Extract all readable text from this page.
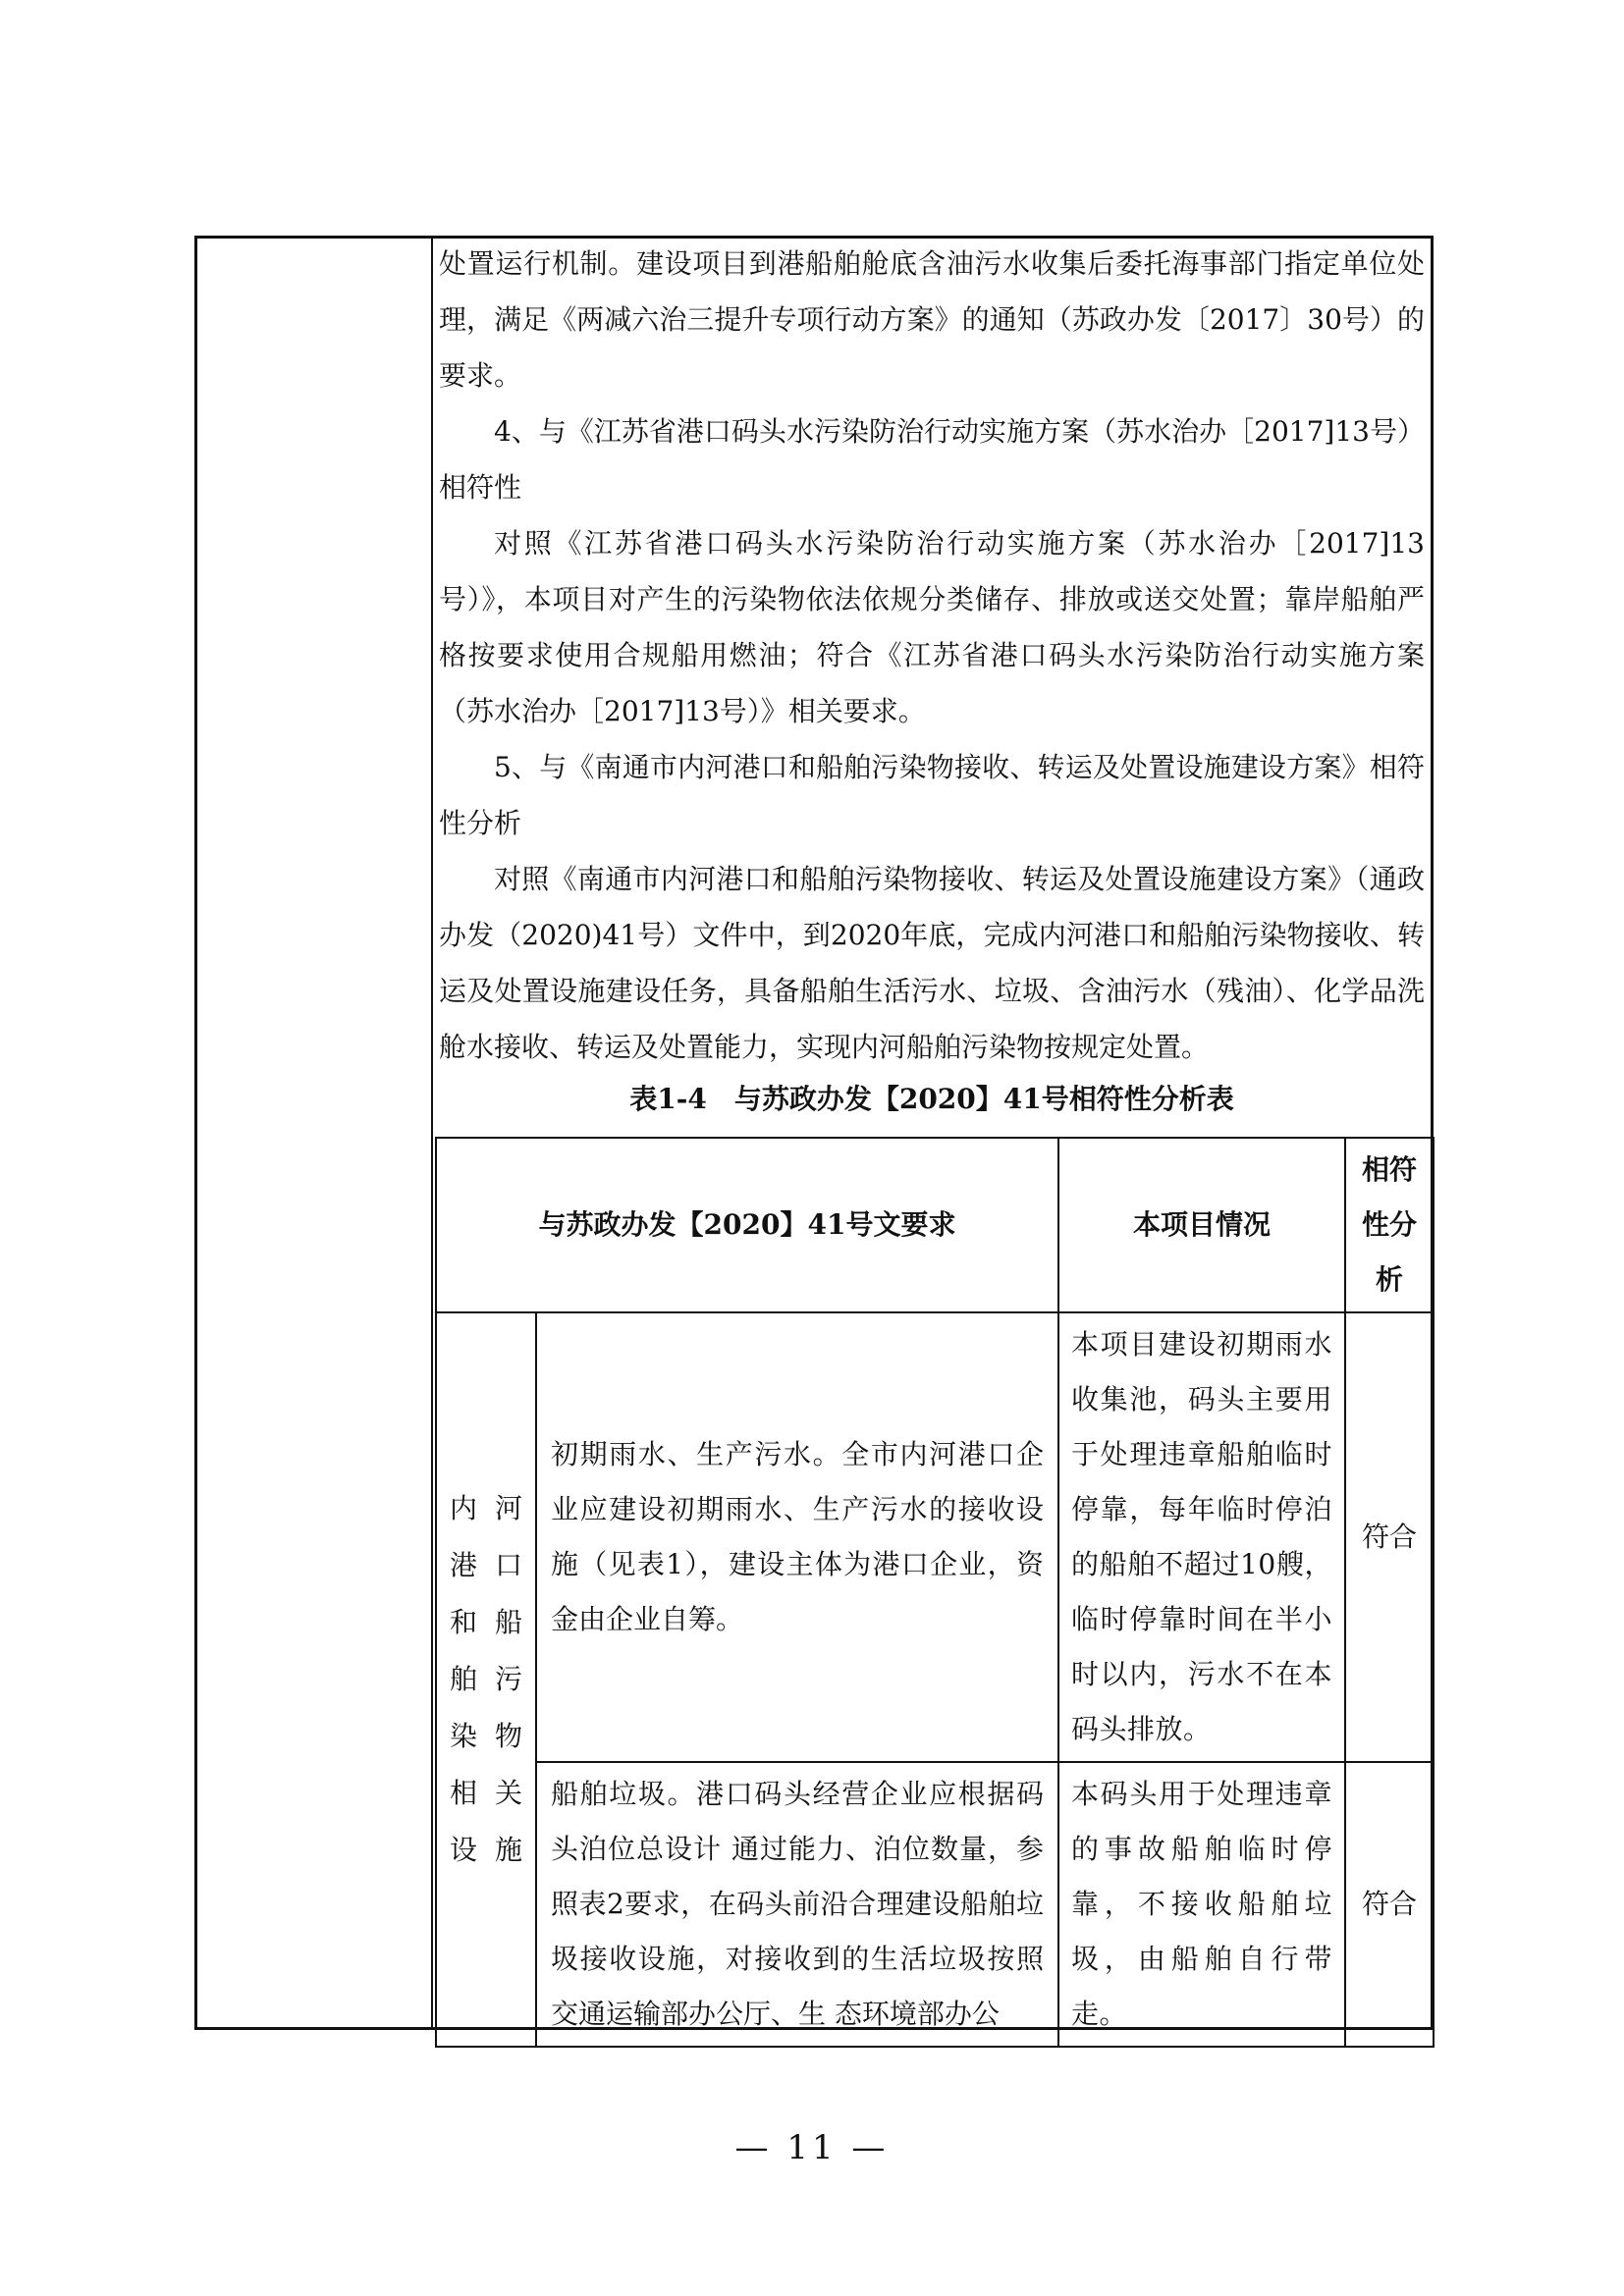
处置运行机制。建设项目到港船舶舱底含油污水收集后委托海事部门指定单位处理，满足《两减六治三提升专项行动方案》的通知（苏政办发〔2017〕30号）的要求。

4、与《江苏省港口码头水污染防治行动实施方案（苏水治办［2017]13号）相符性

对照《江苏省港口码头水污染防治行动实施方案（苏水治办［2017]13号）》，本项目对产生的污染物依法依规分类储存、排放或送交处置；靠岸船舶严格按要求使用合规船用燃油；符合《江苏省港口码头水污染防治行动实施方案（苏水治办［2017]13号）》相关要求。

5、与《南通市内河港口和船舶污染物接收、转运及处置设施建设方案》相符性分析

对照《南通市内河港口和船舶污染物接收、转运及处置设施建设方案》（通政办发（2020)41号）文件中，到2020年底，完成内河港口和船舶污染物接收、转运及处置设施建设任务，具备船舶生活污水、垃圾、含油污水（残油）、化学品洗舱水接收、转运及处置能力，实现内河船舶污染物按规定处置。

表1-4　与苏政办发【2020】41号相符性分析表
与苏政办发【2020】41号文要求		本项目情况	相符性分析
内河港口和船舶污染物相关设施	初期雨水、生产污水。全市内河港口企业应建设初期雨水、生产污水的接收设施（见表1），建设主体为港口企业，资金由企业自筹。	本项目建设初期雨水收集池，码头主要用于处理违章船舶临时停靠，每年临时停泊的船舶不超过10艘，临时停靠时间在半小时以内，污水不在本码头排放。	符合
	船舶垃圾。港口码头经营企业应根据码头泊位总设计 通过能力、泊位数量，参照表2要求，在码头前沿合理建设船舶垃圾接收设施，对接收到的生活垃圾按照交通运输部办公厅、生 态环境部办公	本码头用于处理违章的事故船舶临时停靠，不接收船舶垃圾，由船舶自行带走。	符合
— 11 —
